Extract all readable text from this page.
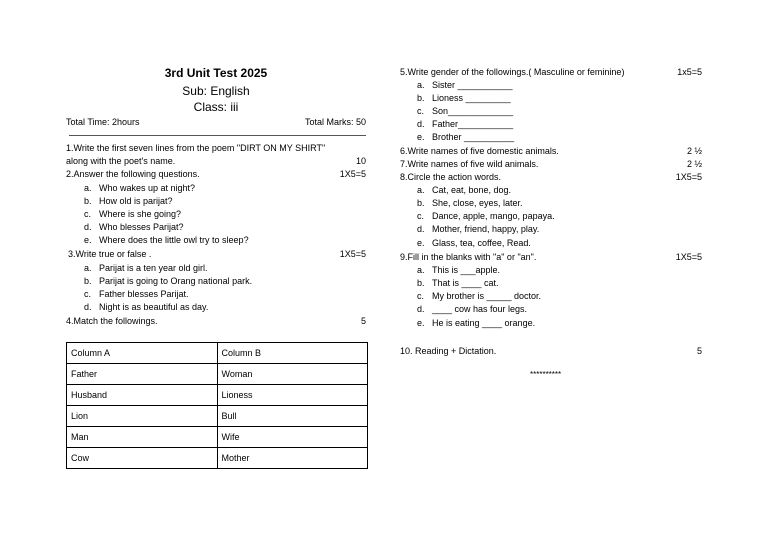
3rd Unit Test 2025
Sub: English
Class: iii
Total Time: 2hours	Total Marks: 50
1.Write the first seven lines from the poem "DIRT ON MY SHIRT"
along with the poet's name.	10
2.Answer the following questions.	1X5=5
a. Who wakes up at night?
b. How old is parijat?
c. Where is she going?
d. Who blesses Parijat?
e. Where does the little owl try to sleep?
3.Write true or false .	1X5=5
a. Parijat is a ten year old girl.
b. Parijat is going to Orang national park.
c. Father blesses Parijat.
d. Night is as beautiful as day.
4.Match the followings.	5
Column A	Column B
Father	Woman
Husband	Lioness
Lion	Bull
Man	Wife
Cow	Mother
5.Write gender of the followings.( Masculine or feminine)	1x5=5
a. Sister ___________
b. Lioness _________
c. Son_____________
d. Father___________
e. Brother __________
6.Write names of five domestic animals.	2 ½
7.Write names of five wild animals.	2 ½
8.Circle the action words.	1X5=5
a. Cat, eat, bone, dog.
b. She, close, eyes, later.
c. Dance, apple, mango, papaya.
d. Mother, friend, happy, play.
e. Glass, tea, coffee, Read.
9.Fill in the blanks with "a" or "an".	1X5=5
a. This is ___apple.
b. That is ____ cat.
c. My brother is _____ doctor.
d. ____ cow has four legs.
e. He is eating ____ orange.
10. Reading + Dictation.	5
**********
